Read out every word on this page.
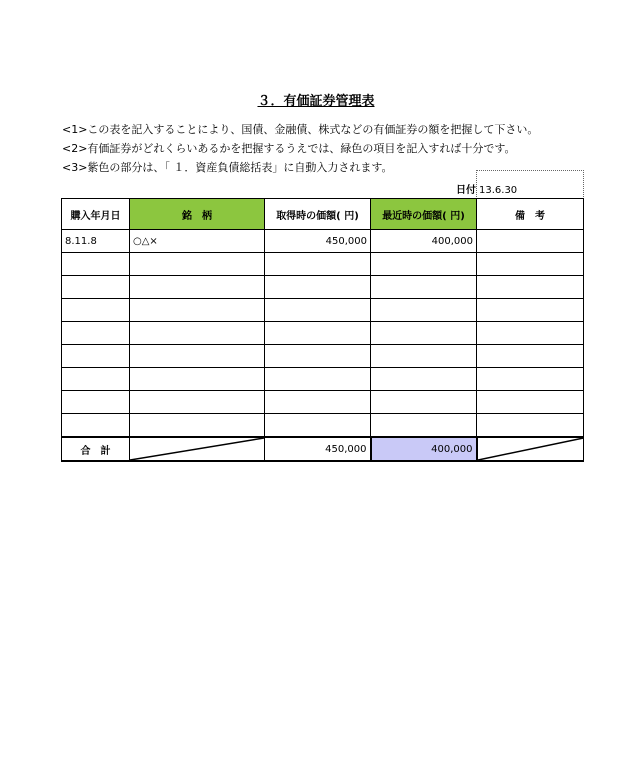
３．有価証券管理表
<1>この表を記入することにより、国債、金融債、株式などの有価証券の額を把握して下さい。
<2>有価証券がどれくらいあるかを把握するうえでは、緑色の項目を記入すれば十分です。
<3>紫色の部分は、「 １．資産負債総括表」に自動入力されます。
日付 13.6.30
購入年月日	銘　柄	取得時の価額( 円)	最近時の価額( 円)	備　考
8.11.8	○△×	450,000	400,000	

合　計		450,000	400,000	
